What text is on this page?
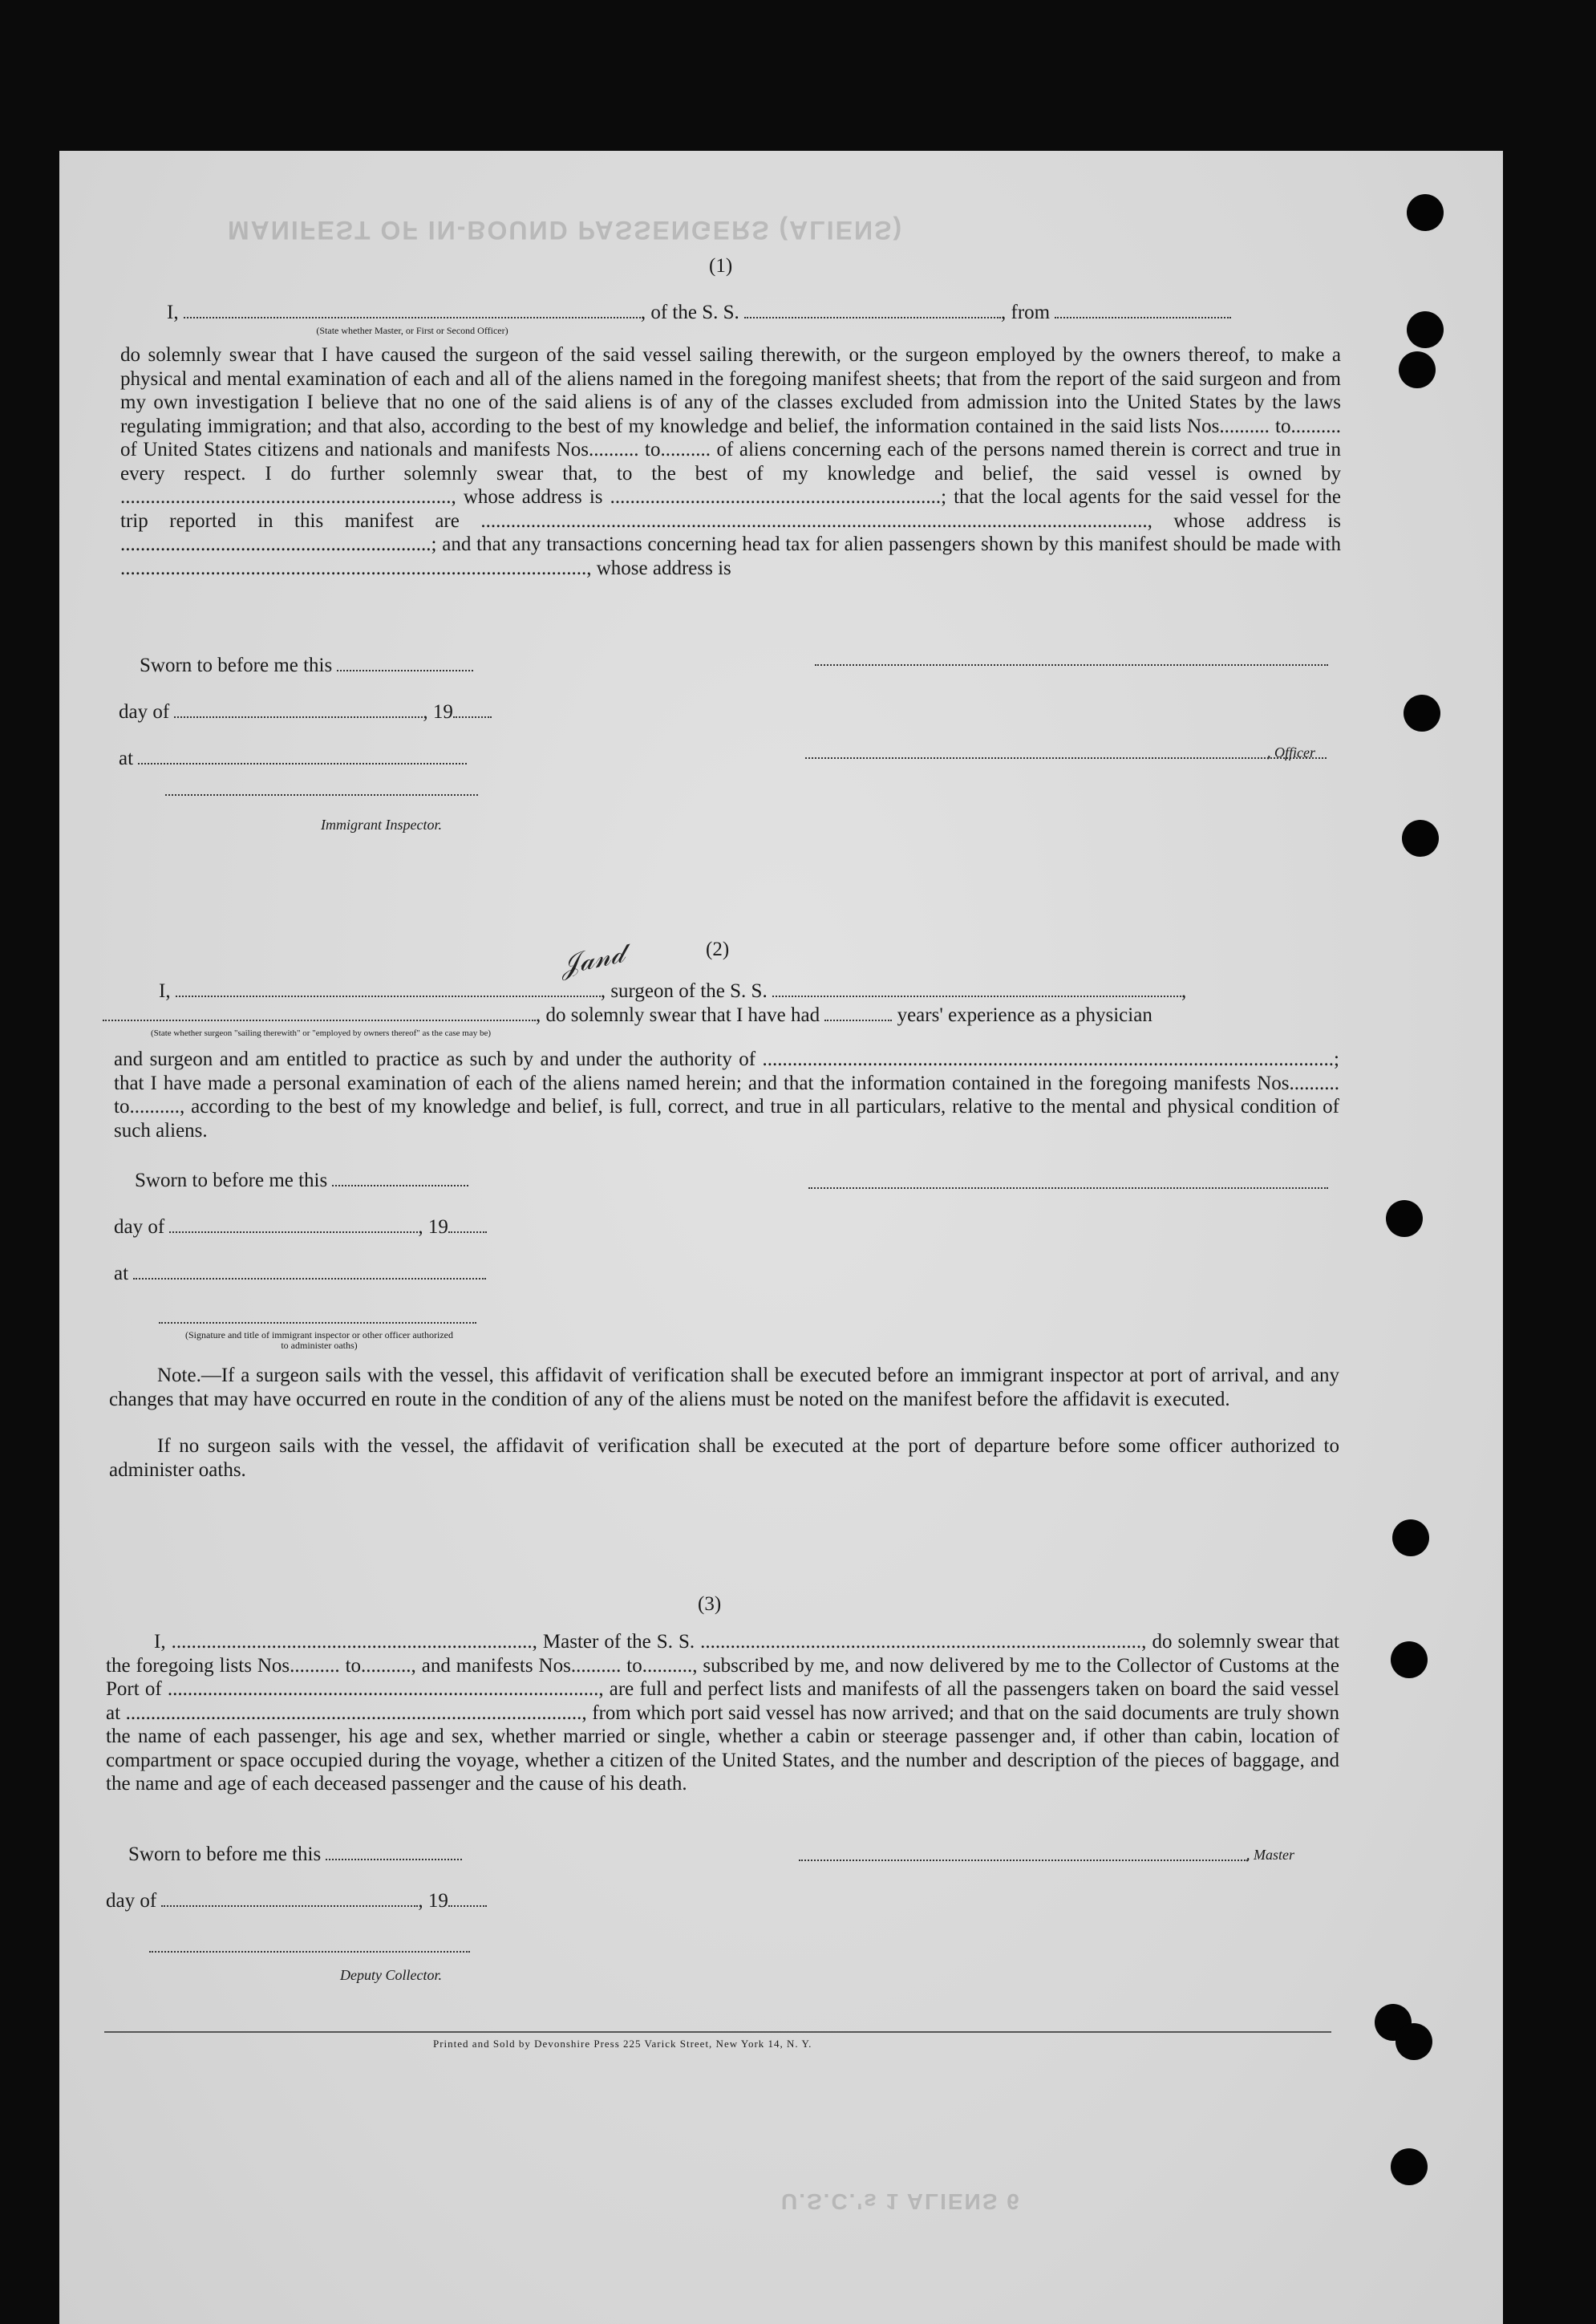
MANIFEST OF IN-BOUND PASSENGERS (ALIENS)
U.S.C.'s 1 ALIENS 6
(1)
I,	, of the S. S.	, from
(State whether Master, or First or Second Officer)
do solemnly swear that I have caused the surgeon of the said vessel sailing therewith, or the surgeon employed by the owners thereof, to make a physical and mental examination of each and all of the aliens named in the foregoing manifest sheets; that from the report of the said surgeon and from my own investigation I believe that no one of the said aliens is of any of the classes excluded from admission into the United States by the laws regulating immigration; and that also, according to the best of my knowledge and belief, the information contained in the said lists Nos.......... to.......... of United States citizens and nationals and manifests Nos.......... to.......... of aliens concerning each of the persons named therein is correct and true in every respect. I do further solemnly swear that, to the best of my knowledge and belief, the said vessel is owned by .................................................................., whose address is ..................................................................; that the local agents for the said vessel for the trip reported in this manifest are ....................................................................................................................................., whose address is ..............................................................; and that any transactions concerning head tax for alien passengers shown by this manifest should be made with ............................................................................................., whose address is
Sworn to before me this
day of	, 19
at
Immigrant Inspector.
, Officer
(2)
𝒥𝒶𝓃𝒹
I,	, surgeon of the S. S.	,
, do solemnly swear that I have had	years' experience as a physician
(State whether surgeon "sailing therewith" or "employed by owners thereof" as the case may be)
and surgeon and am entitled to practice as such by and under the authority of ..................................................................................................................; that I have made a personal examination of each of the aliens named herein; and that the information contained in the foregoing manifests Nos.......... to.........., according to the best of my knowledge and belief, is full, correct, and true in all particulars, relative to the mental and physical condition of such aliens.
Sworn to before me this
day of	, 19
at
(Signature and title of immigrant inspector or other officer authorized to administer oaths)
Note.—If a surgeon sails with the vessel, this affidavit of verification shall be executed before an immigrant inspector at port of arrival, and any changes that may have occurred en route in the condition of any of the aliens must be noted on the manifest before the affidavit is executed.
If no surgeon sails with the vessel, the affidavit of verification shall be executed at the port of departure before some officer authorized to administer oaths.
(3)
I, ........................................................................, Master of the S. S. ........................................................................................, do solemnly swear that the foregoing lists Nos.......... to.........., and manifests Nos.......... to.........., subscribed by me, and now delivered by me to the Collector of Customs at the Port of ......................................................................................, are full and perfect lists and manifests of all the passengers taken on board the said vessel at ..........................................................................................., from which port said vessel has now arrived; and that on the said documents are truly shown the name of each passenger, his age and sex, whether married or single, whether a cabin or steerage passenger and, if other than cabin, location of compartment or space occupied during the voyage, whether a citizen of the United States, and the number and description of the pieces of baggage, and the name and age of each deceased passenger and the cause of his death.
Sworn to before me this	, Master
day of	, 19
Deputy Collector.
Printed and Sold by Devonshire Press 225 Varick Street, New York 14, N. Y.
